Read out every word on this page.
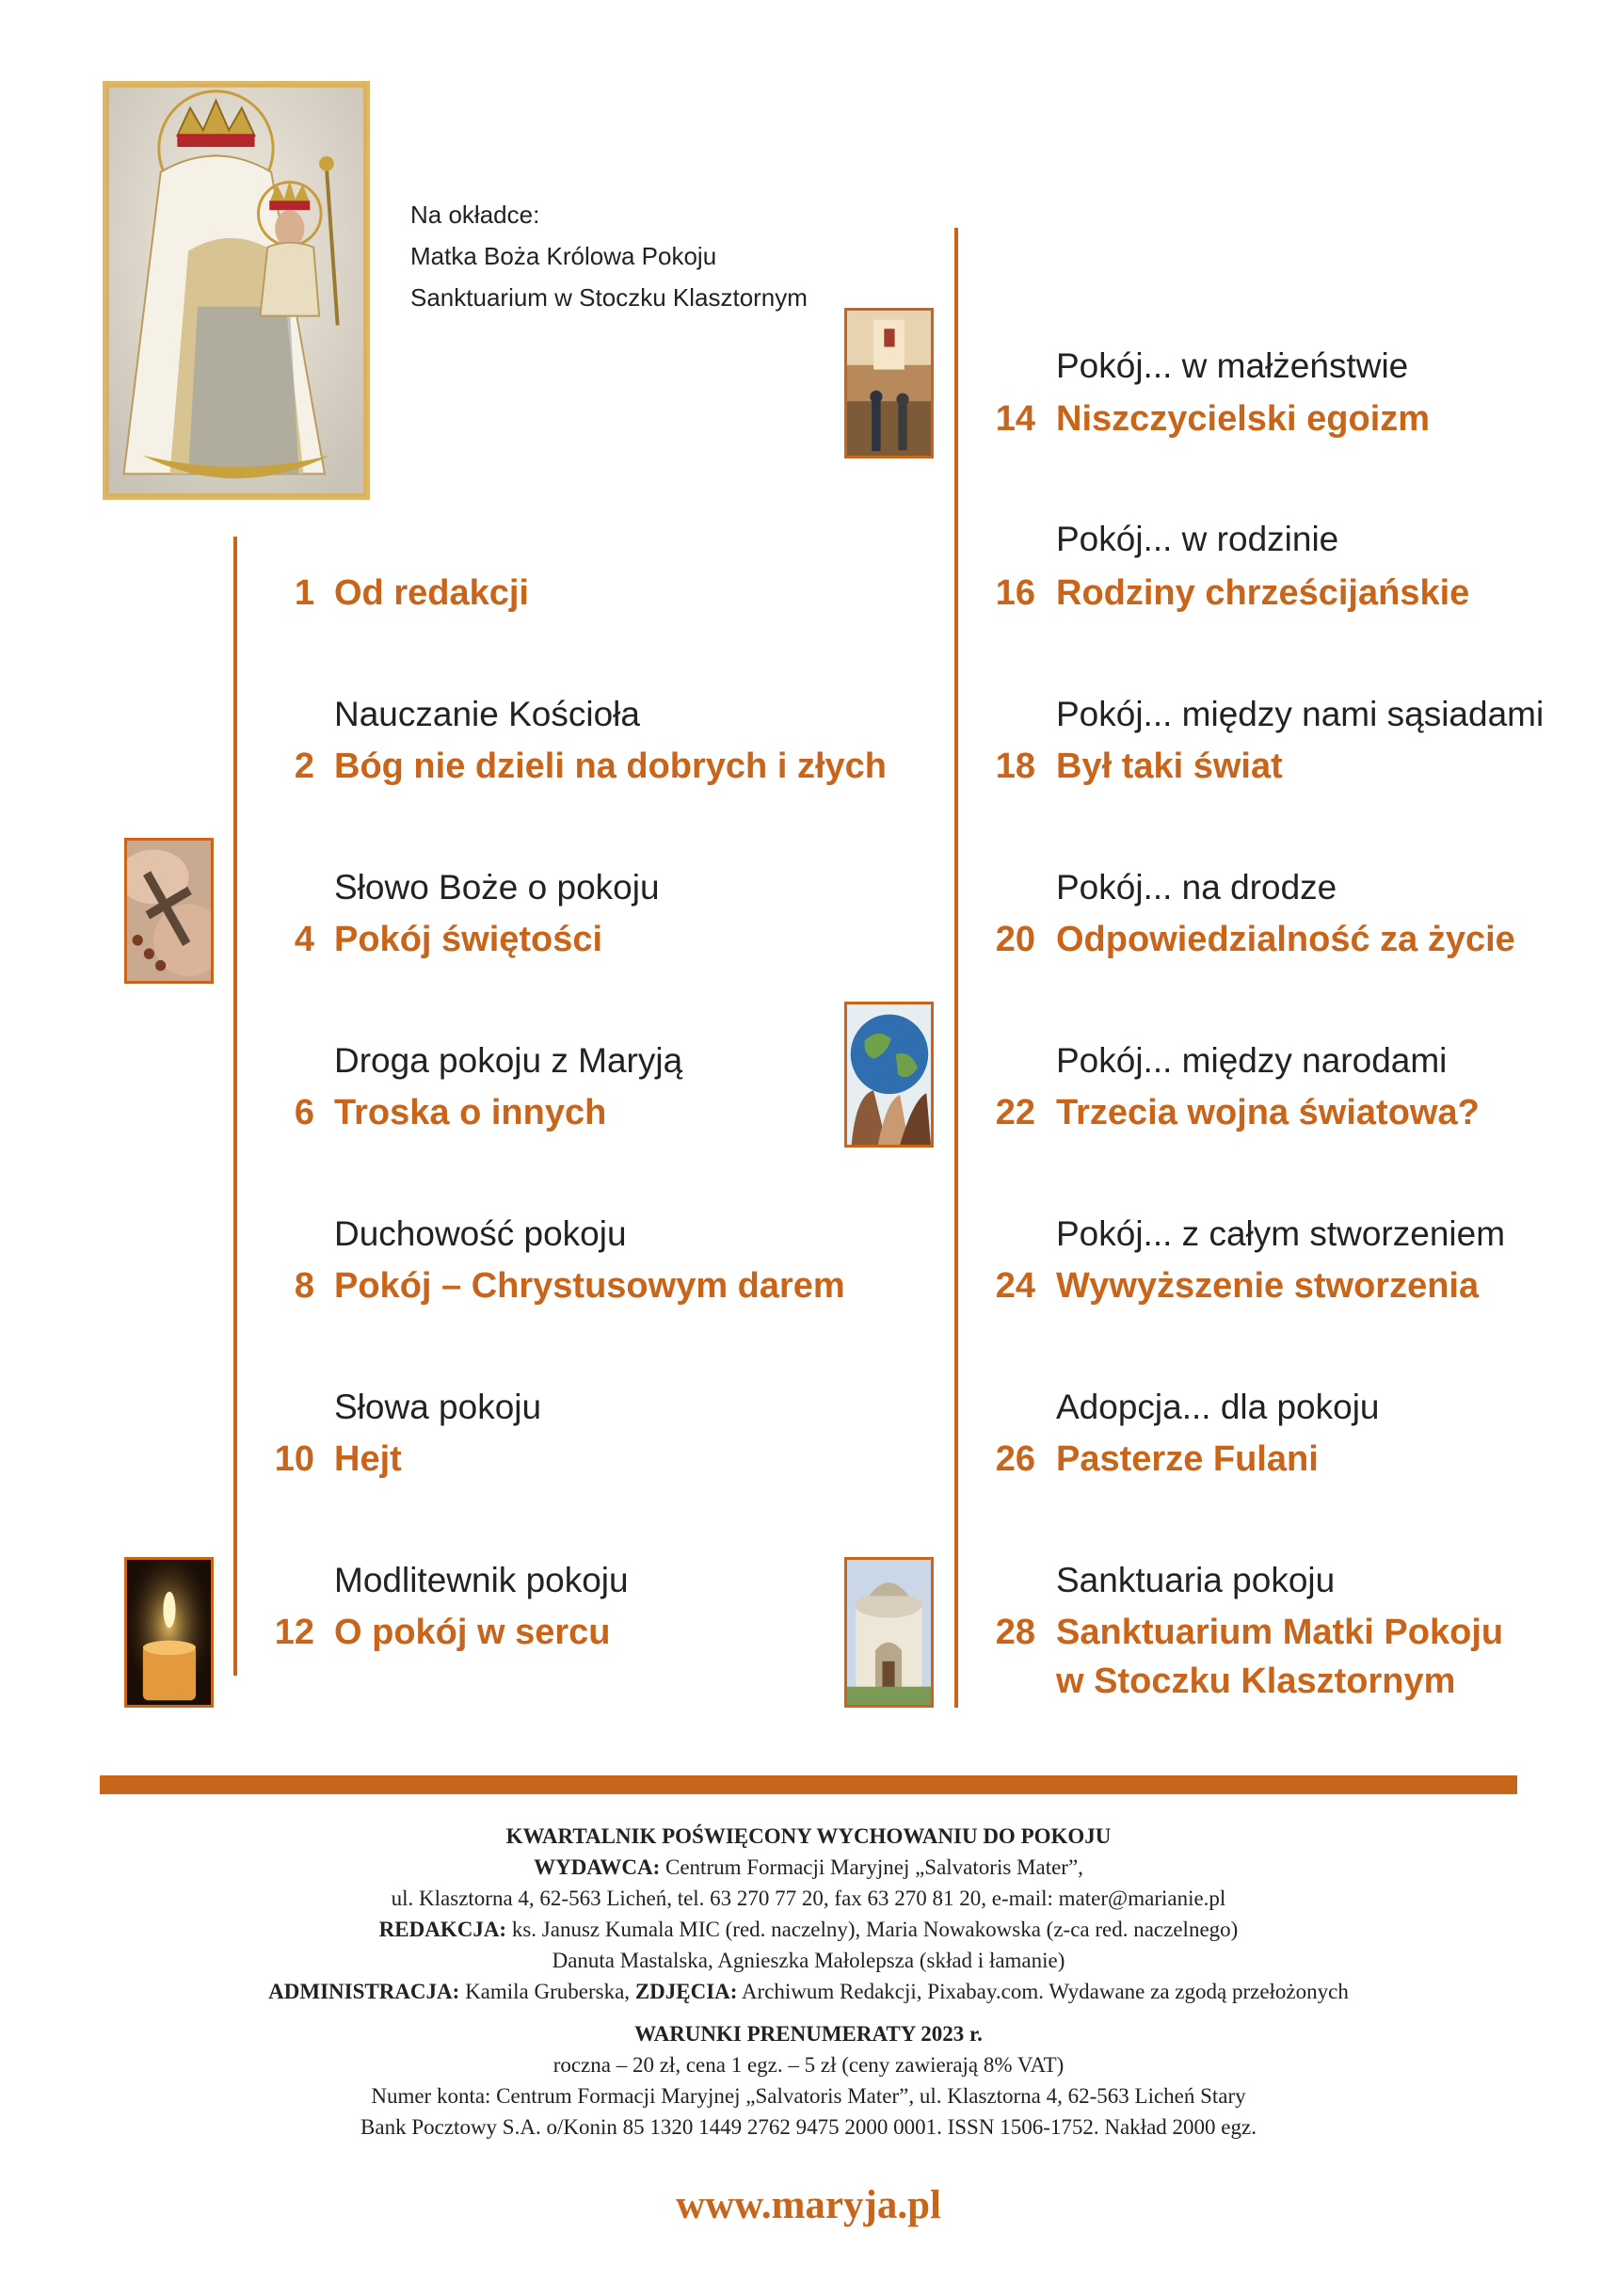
Na okładce:
Matka Boża Królowa Pokoju
Sanktuarium w Stoczku Klasztornym
1 Od redakcji
Nauczanie Kościoła
2 Bóg nie dzieli na dobrych i złych
Słowo Boże o pokoju
4 Pokój świętości
Droga pokoju z Maryją
6 Troska o innych
Duchowość pokoju
8 Pokój – Chrystusowym darem
Słowa pokoju
10 Hejt
Modlitewnik pokoju
12 O pokój w sercu
Pokój... w małżeństwie
14 Niszczycielski egoizm
Pokój... w rodzinie
16 Rodziny chrześcijańskie
Pokój... między nami sąsiadami
18 Był taki świat
Pokój... na drodze
20 Odpowiedzialność za życie
Pokój... między narodami
22 Trzecia wojna światowa?
Pokój... z całym stworzeniem
24 Wywyższenie stworzenia
Adopcja... dla pokoju
26 Pasterze Fulani
Sanktuaria pokoju
28 Sanktuarium Matki Pokoju
w Stoczku Klasztornym
KWARTALNIK POŚWIĘCONY WYCHOWANIU DO POKOJU
WYDAWCA: Centrum Formacji Maryjnej „Salvatoris Mater”,
ul. Klasztorna 4, 62-563 Licheń, tel. 63 270 77 20, fax 63 270 81 20, e-mail: mater@marianie.pl
REDAKCJA: ks. Janusz Kumala MIC (red. naczelny), Maria Nowakowska (z-ca red. naczelnego)
Danuta Mastalska, Agnieszka Małolepsza (skład i łamanie)
ADMINISTRACJA: Kamila Gruberska, ZDJĘCIA: Archiwum Redakcji, Pixabay.com. Wydawane za zgodą przełożonych
WARUNKI PRENUMERATY 2023 r.
roczna – 20 zł, cena 1 egz. – 5 zł (ceny zawierają 8% VAT)
Numer konta: Centrum Formacji Maryjnej „Salvatoris Mater”, ul. Klasztorna 4, 62-563 Licheń Stary
Bank Pocztowy S.A. o/Konin 85 1320 1449 2762 9475 2000 0001. ISSN 1506-1752. Nakład 2000 egz.
www.maryja.pl
